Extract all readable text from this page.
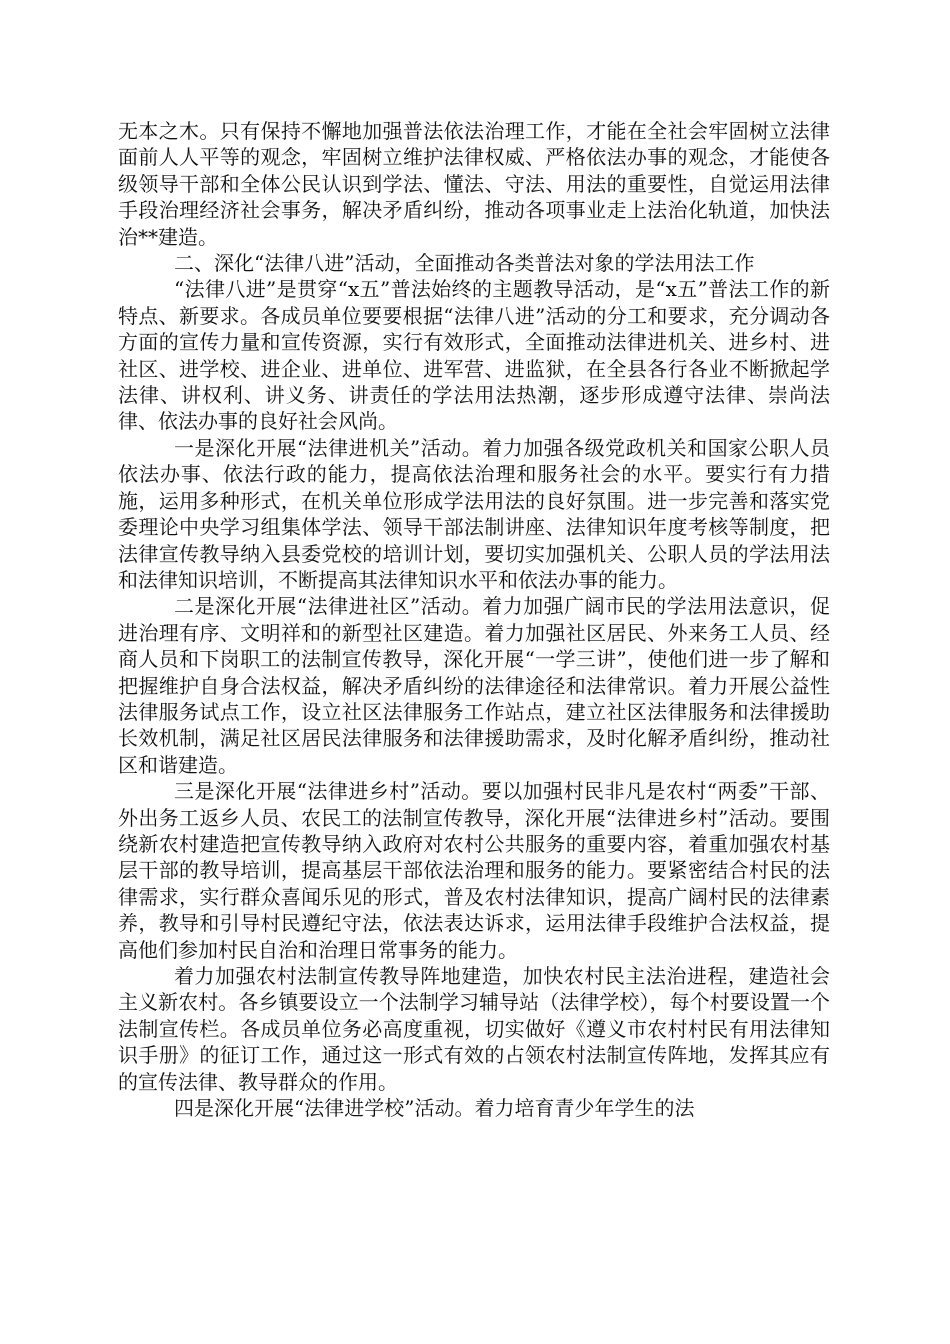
无本之木。只有保持不懈地加强普法依法治理工作，才能在全社会牢固树立法律面前人人平等的观念，牢固树立维护法律权威、严格依法办事的观念，才能使各级领导干部和全体公民认识到学法、懂法、守法、用法的重要性，自觉运用法律手段治理经济社会事务，解决矛盾纠纷，推动各项事业走上法治化轨道，加快法治**建造。

二、深化“法律八进”活动，全面推动各类普法对象的学法用法工作

“法律八进”是贯穿“x五”普法始终的主题教导活动，是“x五”普法工作的新特点、新要求。各成员单位要要根据“法律八进”活动的分工和要求，充分调动各方面的宣传力量和宣传资源，实行有效形式，全面推动法律进机关、进乡村、进社区、进学校、进企业、进单位、进军营、进监狱，在全县各行各业不断掀起学法律、讲权利、讲义务、讲责任的学法用法热潮，逐步形成遵守法律、崇尚法律、依法办事的良好社会风尚。

一是深化开展“法律进机关”活动。着力加强各级党政机关和国家公职人员依法办事、依法行政的能力，提高依法治理和服务社会的水平。要实行有力措施，运用多种形式，在机关单位形成学法用法的良好氛围。进一步完善和落实党委理论中央学习组集体学法、领导干部法制讲座、法律知识年度考核等制度，把法律宣传教导纳入县委党校的培训计划，要切实加强机关、公职人员的学法用法和法律知识培训，不断提高其法律知识水平和依法办事的能力。

二是深化开展“法律进社区”活动。着力加强广阔市民的学法用法意识，促进治理有序、文明祥和的新型社区建造。着力加强社区居民、外来务工人员、经商人员和下岗职工的法制宣传教导，深化开展“一学三讲”，使他们进一步了解和把握维护自身合法权益，解决矛盾纠纷的法律途径和法律常识。着力开展公益性法律服务试点工作，设立社区法律服务工作站点，建立社区法律服务和法律援助长效机制，满足社区居民法律服务和法律援助需求，及时化解矛盾纠纷，推动社区和谐建造。

三是深化开展“法律进乡村”活动。要以加强村民非凡是农村“两委”干部、外出务工返乡人员、农民工的法制宣传教导，深化开展“法律进乡村”活动。要围绕新农村建造把宣传教导纳入政府对农村公共服务的重要内容，着重加强农村基层干部的教导培训，提高基层干部依法治理和服务的能力。要紧密结合村民的法律需求，实行群众喜闻乐见的形式，普及农村法律知识，提高广阔村民的法律素养，教导和引导村民遵纪守法，依法表达诉求，运用法律手段维护合法权益，提高他们参加村民自治和治理日常事务的能力。

着力加强农村法制宣传教导阵地建造，加快农村民主法治进程，建造社会主义新农村。各乡镇要设立一个法制学习辅导站（法律学校），每个村要设置一个法制宣传栏。各成员单位务必高度重视，切实做好《遵义市农村村民有用法律知识手册》的征订工作，通过这一形式有效的占领农村法制宣传阵地，发挥其应有的宣传法律、教导群众的作用。

四是深化开展“法律进学校”活动。着力培育青少年学生的法
